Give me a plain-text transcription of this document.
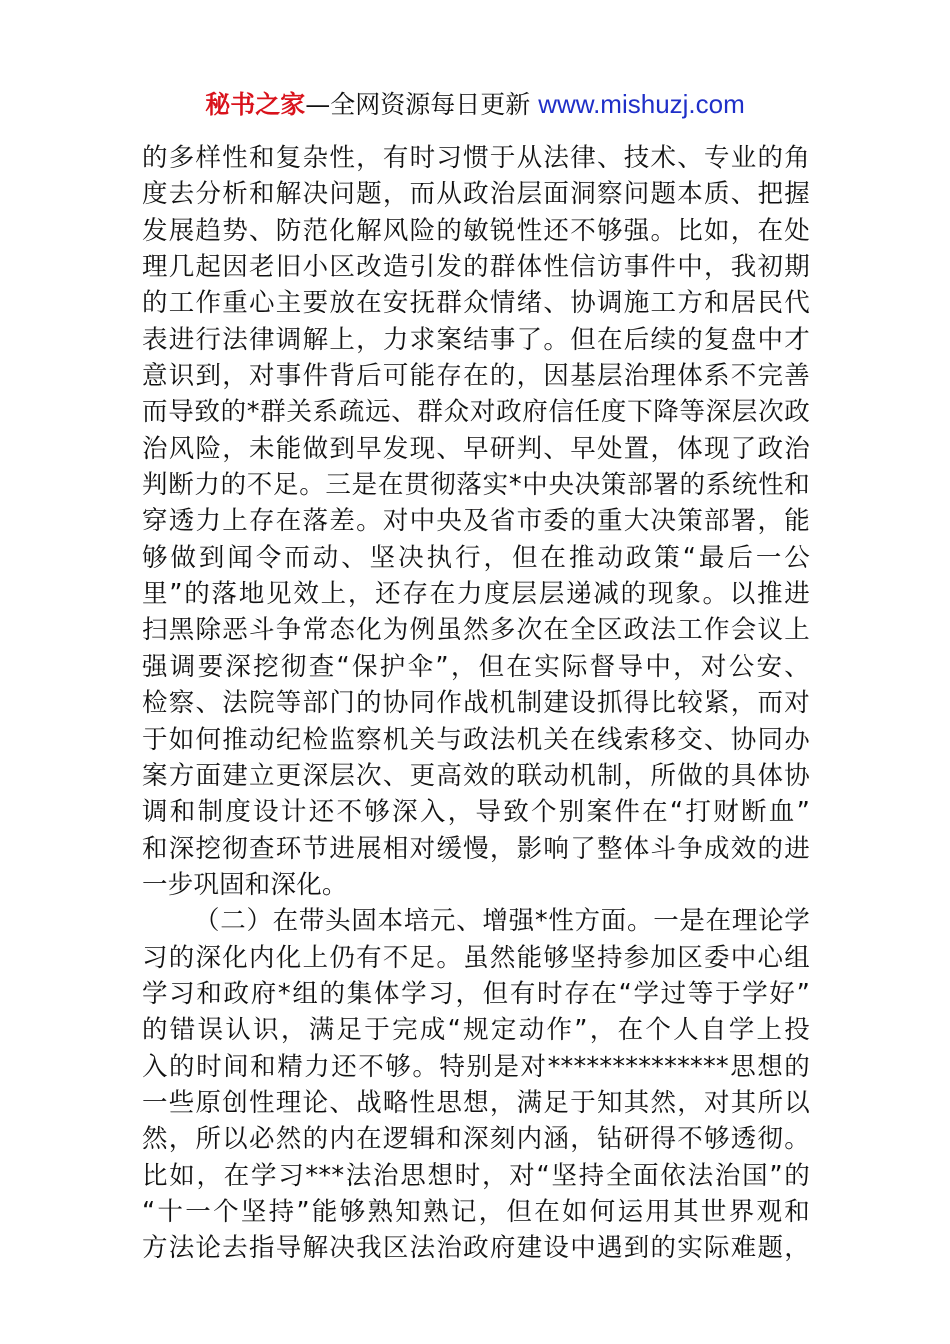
秘书之家—全网资源每日更新 www.mishuzj.com
的多样性和复杂性，有时习惯于从法律、技术、专业的角
度去分析和解决问题，而从政治层面洞察问题本质、把握
发展趋势、防范化解风险的敏锐性还不够强。比如，在处
理几起因老旧小区改造引发的群体性信访事件中，我初期
的工作重心主要放在安抚群众情绪、协调施工方和居民代
表进行法律调解上，力求案结事了。但在后续的复盘中才
意识到，对事件背后可能存在的，因基层治理体系不完善
而导致的*群关系疏远、群众对政府信任度下降等深层次政
治风险，未能做到早发现、早研判、早处置，体现了政治
判断力的不足。三是在贯彻落实*中央决策部署的系统性和
穿透力上存在落差。对中央及省市委的重大决策部署，能
够做到闻令而动、坚决执行，但在推动政策“最后一公
里”的落地见效上，还存在力度层层递减的现象。以推进
扫黑除恶斗争常态化为例虽然多次在全区政法工作会议上
强调要深挖彻查“保护伞”，但在实际督导中，对公安、
检察、法院等部门的协同作战机制建设抓得比较紧，而对
于如何推动纪检监察机关与政法机关在线索移交、协同办
案方面建立更深层次、更高效的联动机制，所做的具体协
调和制度设计还不够深入，导致个别案件在“打财断血”
和深挖彻查环节进展相对缓慢，影响了整体斗争成效的进
一步巩固和深化。
（二）在带头固本培元、增强*性方面。一是在理论学
习的深化内化上仍有不足。虽然能够坚持参加区委中心组
学习和政府*组的集体学习，但有时存在“学过等于学好”
的错误认识，满足于完成“规定动作”，在个人自学上投
入的时间和精力还不够。特别是对**************思想的
一些原创性理论、战略性思想，满足于知其然，对其所以
然，所以必然的内在逻辑和深刻内涵，钻研得不够透彻。
比如，在学习***法治思想时，对“坚持全面依法治国”的
“十一个坚持”能够熟知熟记，但在如何运用其世界观和
方法论去指导解决我区法治政府建设中遇到的实际难题，
